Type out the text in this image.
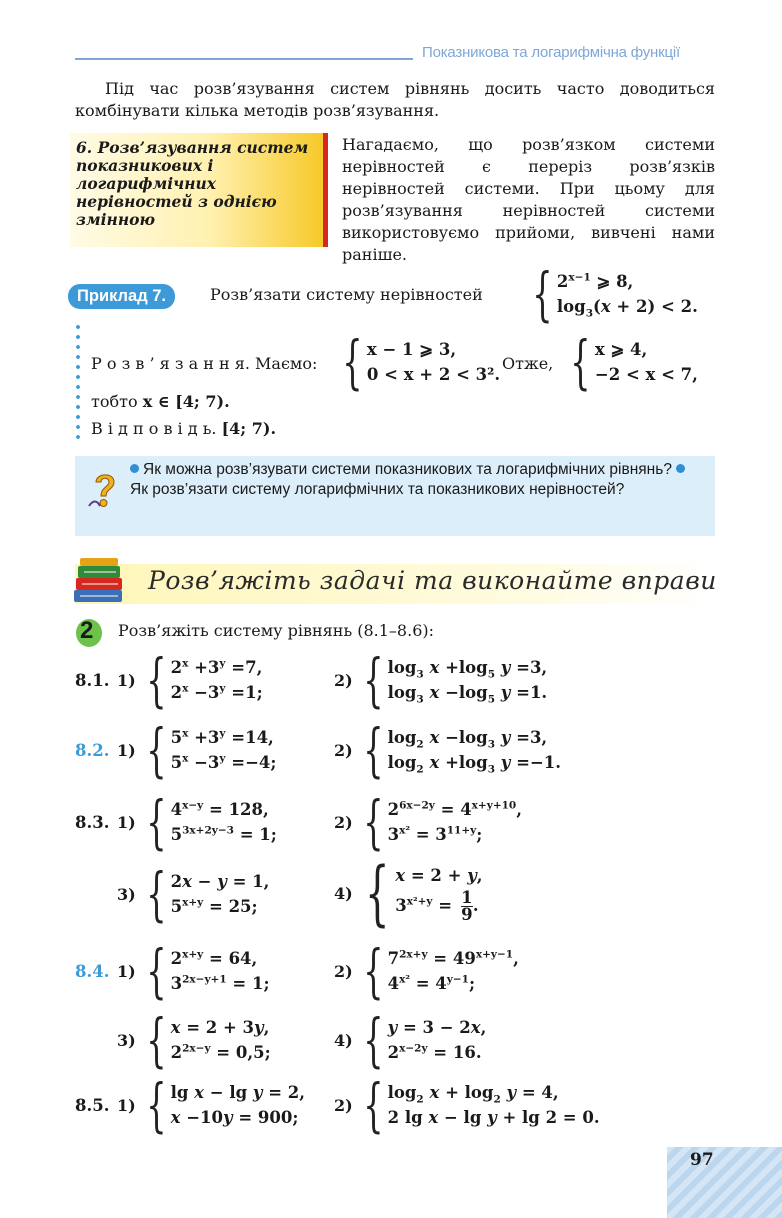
Показникова та логарифмічна функції
Під час розв’язування систем рівнянь досить часто доводиться комбінувати кілька методів розв’язування.
6. Розв’язування систем показникових і логарифмічних нерівностей з однією змінною
Нагадаємо, що розв’язком системи нерівностей є переріз розв’язків нерівностей системи. При цьому для розв’язування нерівностей системи використовуємо прийоми, вивчені нами раніше.
Приклад 7.	Розв’язати систему нерівностей { $2^{x-1}$ ⩾ 8,
$\log_3(x + 2) < 2$.
Р о з в ’ я з а н н я. Маємо: { x − 1 ⩾ 3,
0 < x + 2 < 3².
Отже, { x ⩾ 4,
−2 < x < 7,
тобто x ∈ [4; 7).
В і д п о в і д ь. [4; 7).
Як можна розв’язувати системи показникових та логарифмічних рівнянь? Як розв’язати систему логарифмічних та показникових нерівностей?
Розв’яжіть задачі та виконайте вправи
2 Розв’яжіть систему рівнянь (8.1–8.6):
8.1. 1) { $2^x +3^y =7$,
$2^x -3^y =1$;
2) { $\log_3 x +\log_5$ y =3,
$\log_3 x -\log_5$ y =1.
8.2. 1) { $5^x +3^y =14$,
$5^x -3^y =-4$;
2) { $\log_2 x -\log_3$ y =3,
$\log_2 x +\log_3$ y =−1.
8.3. 1) { $4^{x-y} = 128$,
$5^{3x+2y-3} = 1$;
2) { $2^{6x-2y} = 4^{x+y+10}$,
$3^{x^2} = 3^{11+y}$;
3) { 2x − y = 1,
$5^{x+y} = 25$;
4) { x = 2 + y,
$3^{x^2+y} = \frac{1}{9}$ .
8.4. 1) { $2^{x+y} = 64$,
$3^{2x-y+1} = 1$;
2) { $7^{2x+y} = 49^{x+y-1}$,
$4^{x^2} = 4^{y-1}$;
3) { x = 2 + 3y,
$2^{2x-y} = 0,5$;
4) { y = 3 − 2x,
$2^{x-2y} = 16$.
8.5. 1) { lg x − lg y = 2,
x −10y = 900;
2) { $\log_2 x + \log_2 y = 4$,
2 lg x − lg y + lg 2 = 0.
97
